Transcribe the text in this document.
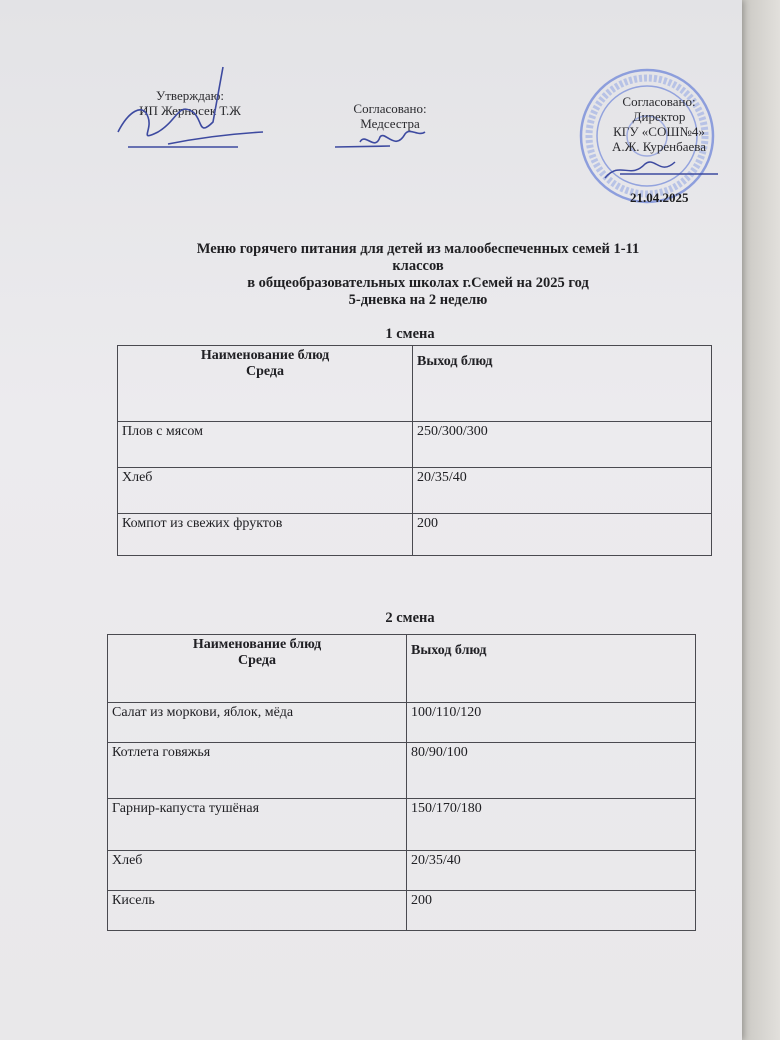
Утверждаю:
ИП Жерносек Т.Ж	Согласовано:
Медсестра
Согласовано:
Директор
КГУ «СОШ№4»
А.Ж. Куренбаева
21.04.2025
Меню горячего питания для детей из малообеспеченных семей 1-11
классов
в общеобразовательных школах г.Семей на 2025 год
5-дневка на 2 неделю
1 смена
Наименование блюд
Среда	Выход блюд
Плов с мясом	250/300/300
Хлеб	20/35/40
Компот из свежих фруктов	200
2 смена
Наименование блюд
Среда	Выход блюд
Салат из моркови, яблок, мёда	100/110/120
Котлета говяжья	80/90/100
Гарнир-капуста тушёная	150/170/180
Хлеб	20/35/40
Кисель	200
